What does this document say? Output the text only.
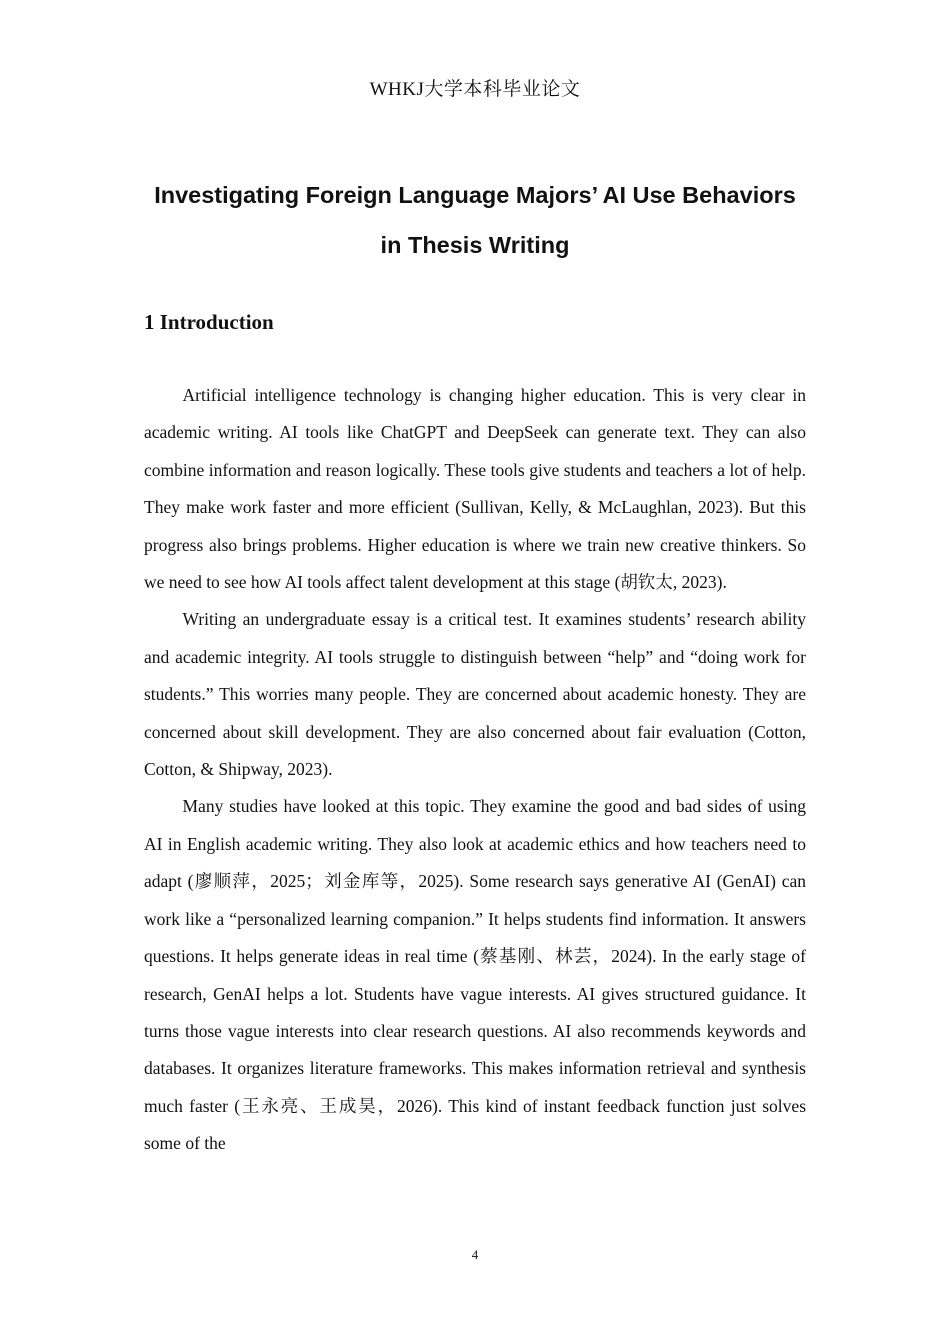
WHKJ大学本科毕业论文
Investigating Foreign Language Majors’ AI Use Behaviors
in Thesis Writing
1 Introduction

Artificial intelligence technology is changing higher education. This is very clear in academic writing. AI tools like ChatGPT and DeepSeek can generate text. They can also combine information and reason logically. These tools give students and teachers a lot of help. They make work faster and more efficient (Sullivan, Kelly, & McLaughlan, 2023). But this progress also brings problems. Higher education is where we train new creative thinkers. So we need to see how AI tools affect talent development at this stage (胡钦太, 2023).

Writing an undergraduate essay is a critical test. It examines students’ research ability and academic integrity. AI tools struggle to distinguish between “help” and “doing work for students.” This worries many people. They are concerned about academic honesty. They are concerned about skill development. They are also concerned about fair evaluation (Cotton, Cotton, & Shipway, 2023).

Many studies have looked at this topic. They examine the good and bad sides of using AI in English academic writing. They also look at academic ethics and how teachers need to adapt (廖顺萍，2025；刘金库等，2025). Some research says generative AI (GenAI) can work like a “personalized learning companion.” It helps students find information. It answers questions. It helps generate ideas in real time (蔡基刚、林芸，2024). In the early stage of research, GenAI helps a lot. Students have vague interests. AI gives structured guidance. It turns those vague interests into clear research questions. AI also recommends keywords and databases. It organizes literature frameworks. This makes information retrieval and synthesis much faster (王永亮、王成昊，2026). This kind of instant feedback function just solves some of the

4
